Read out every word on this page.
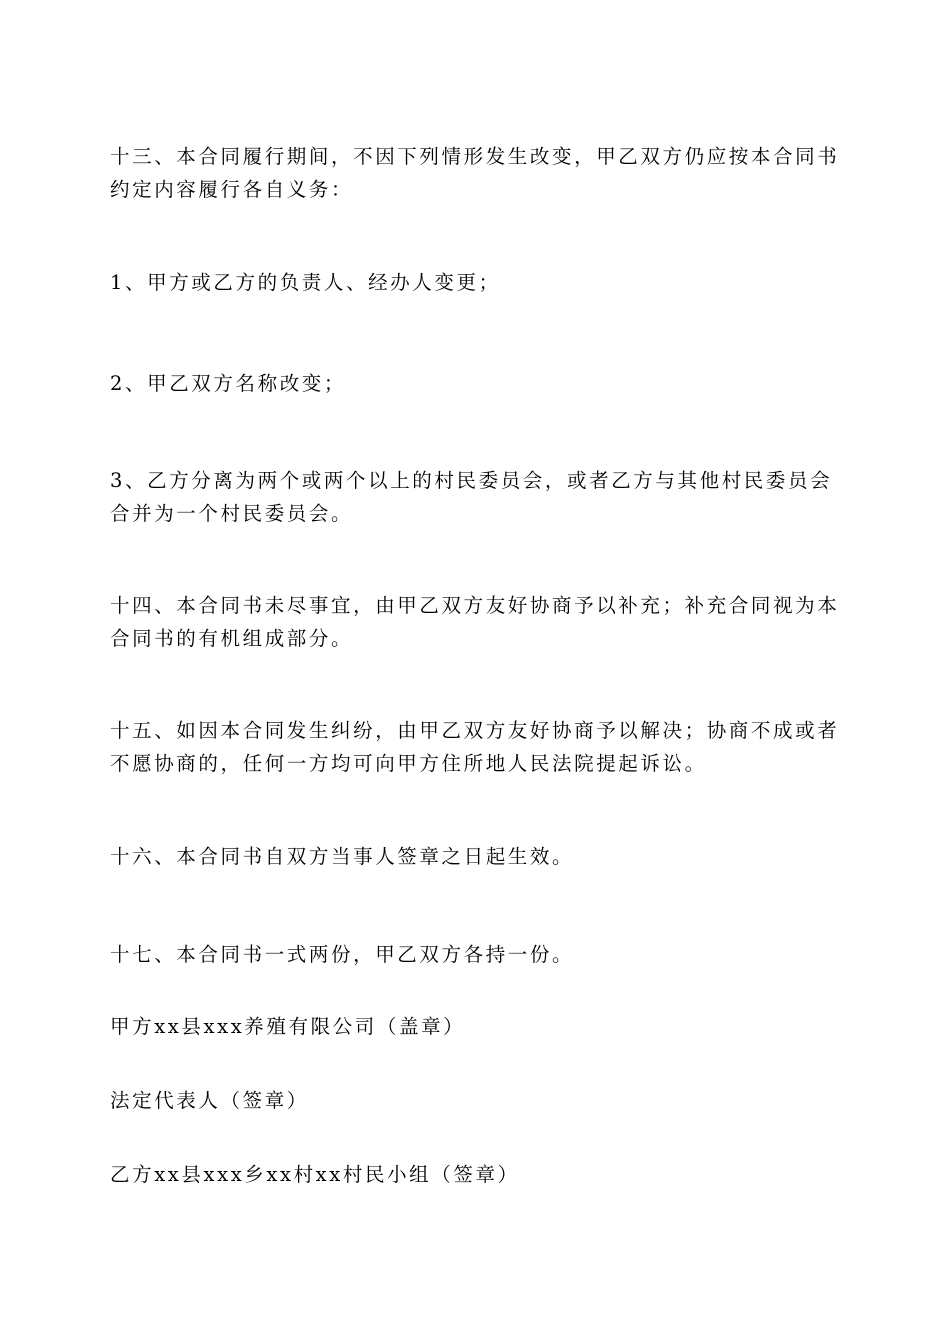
十三、本合同履行期间，不因下列情形发生改变，甲乙双方仍应按本合同书约定内容履行各自义务：

1、甲方或乙方的负责人、经办人变更；

2、甲乙双方名称改变；

3、乙方分离为两个或两个以上的村民委员会，或者乙方与其他村民委员会合并为一个村民委员会。

十四、本合同书未尽事宜，由甲乙双方友好协商予以补充；补充合同视为本合同书的有机组成部分。

十五、如因本合同发生纠纷，由甲乙双方友好协商予以解决；协商不成或者不愿协商的，任何一方均可向甲方住所地人民法院提起诉讼。

十六、本合同书自双方当事人签章之日起生效。

十七、本合同书一式两份，甲乙双方各持一份。

甲方xx县xxx养殖有限公司（盖章）

法定代表人（签章）

乙方xx县xxx乡xx村xx村民小组（签章）
